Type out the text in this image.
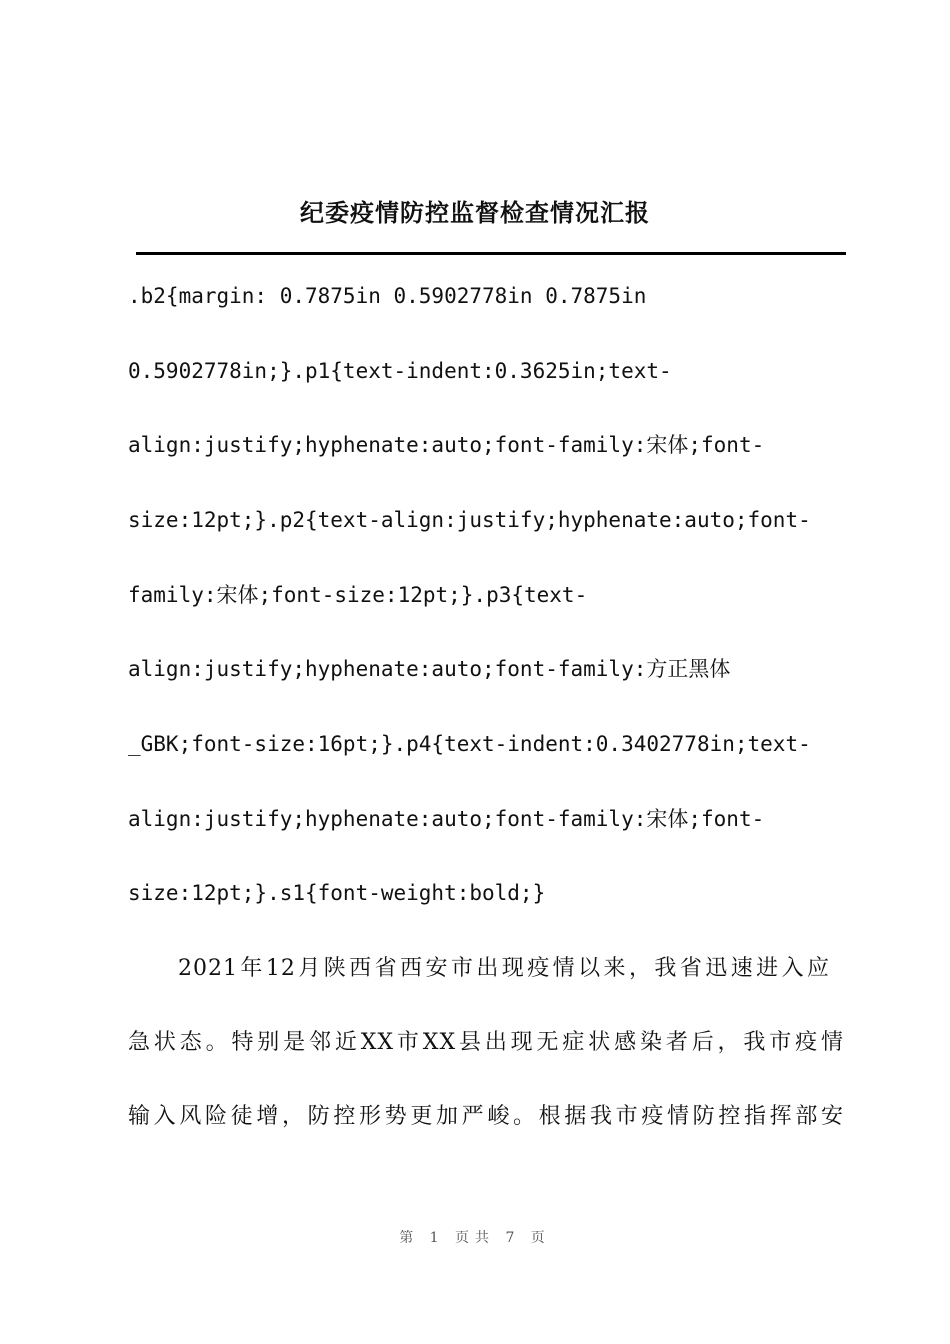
纪委疫情防控监督检查情况汇报
.b2{margin: 0.7875in 0.5902778in 0.7875in
0.5902778in;}.p1{text-indent:0.3625in;text-
align:justify;hyphenate:auto;font-family:宋体;font-
size:12pt;}.p2{text-align:justify;hyphenate:auto;font-
family:宋体;font-size:12pt;}.p3{text-
align:justify;hyphenate:auto;font-family:方正黑体
_GBK;font-size:16pt;}.p4{text-indent:0.3402778in;text-
align:justify;hyphenate:auto;font-family:宋体;font-
size:12pt;}.s1{font-weight:bold;}
2021年12月陕西省西安市出现疫情以来，我省迅速进入应
急状态。特别是邻近XX市XX县出现无症状感染者后，我市疫情
输入风险徒增，防控形势更加严峻。根据我市疫情防控指挥部安
第 1 页共 7 页
